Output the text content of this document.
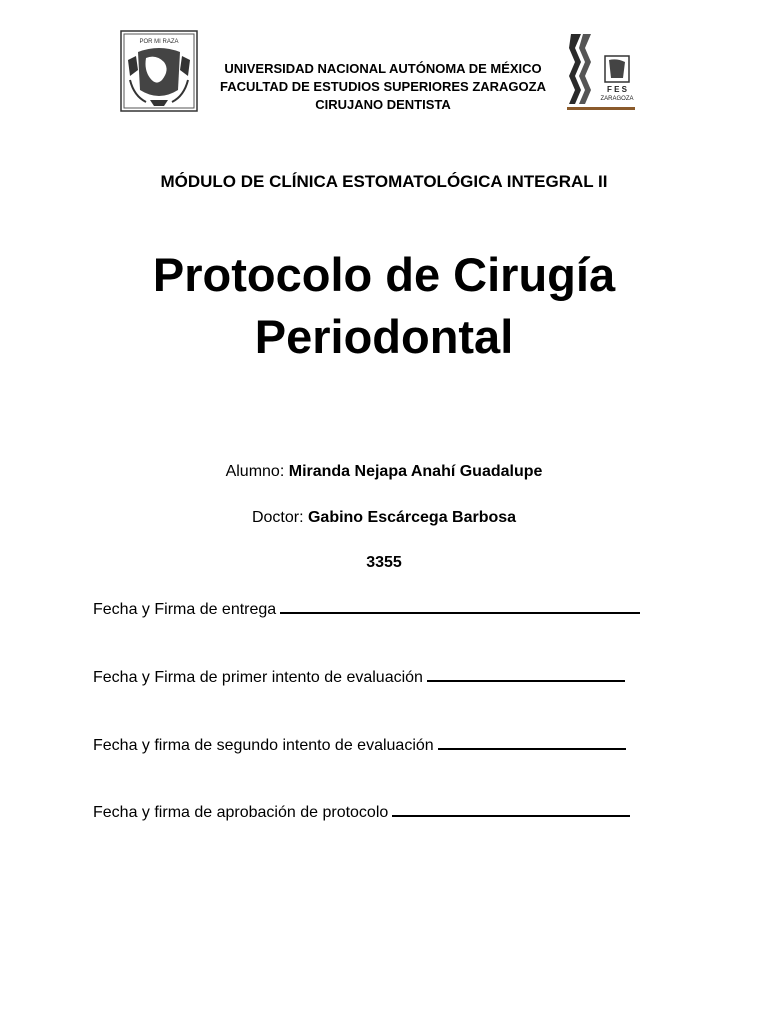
POR MI RAZA
F E S
ZARAGOZA
UNIVERSIDAD NACIONAL AUTÓNOMA DE MÉXICO
FACULTAD DE ESTUDIOS SUPERIORES ZARAGOZA
CIRUJANO DENTISTA
MÓDULO DE CLÍNICA ESTOMATOLÓGICA INTEGRAL II
Protocolo de Cirugía
Periodontal
Alumno: Miranda Nejapa Anahí Guadalupe
Doctor: Gabino Escárcega Barbosa
3355
Fecha y Firma de entrega
Fecha y Firma de primer intento de evaluación
Fecha y firma de segundo intento de evaluación
Fecha y firma de aprobación de protocolo
